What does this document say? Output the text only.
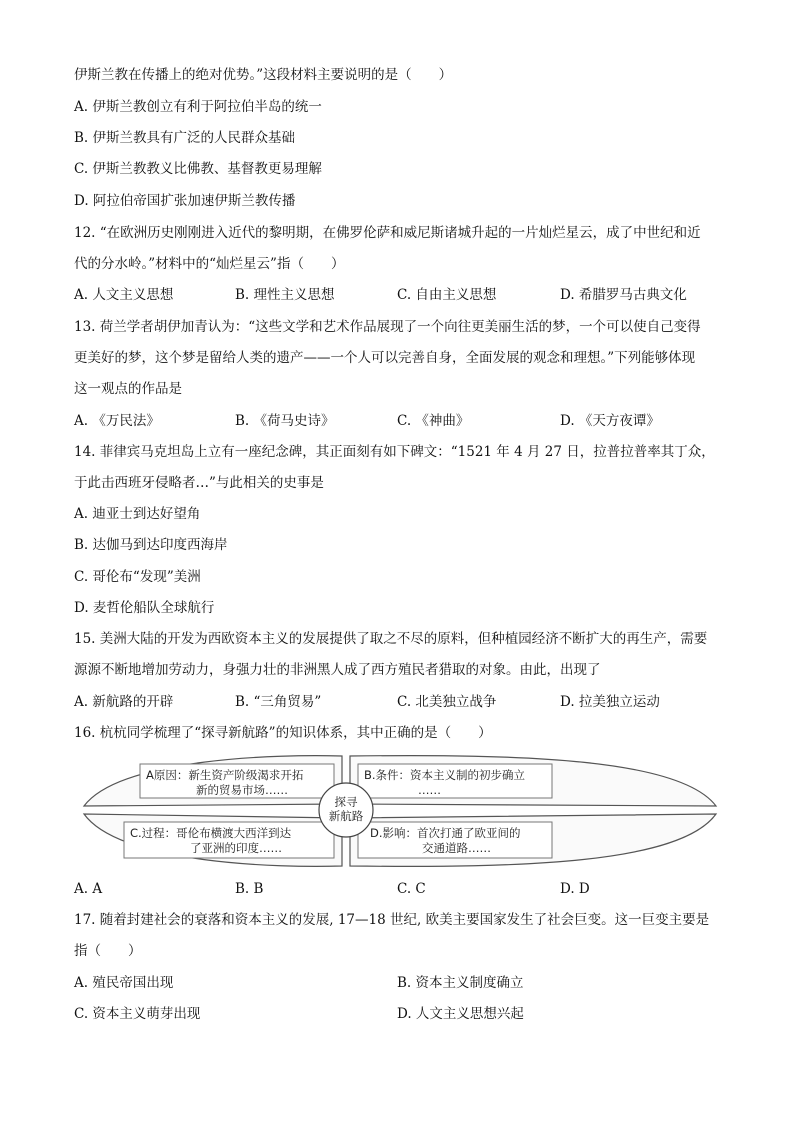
伊斯兰教在传播上的绝对优势。”这段材料主要说明的是（　　）
A. 伊斯兰教创立有利于阿拉伯半岛的统一
B. 伊斯兰教具有广泛的人民群众基础
C. 伊斯兰教教义比佛教、基督教更易理解
D. 阿拉伯帝国扩张加速伊斯兰教传播
12. “在欧洲历史刚刚进入近代的黎明期，在佛罗伦萨和威尼斯诸城升起的一片灿烂星云，成了中世纪和近
代的分水岭。”材料中的“灿烂星云”指（　　）
A. 人文主义思想	B. 理性主义思想	C. 自由主义思想	D. 希腊罗马古典文化
13. 荷兰学者胡伊加青认为：“这些文学和艺术作品展现了一个向往更美丽生活的梦，一个可以使自己变得
更美好的梦，这个梦是留给人类的遗产——一个人可以完善自身，全面发展的观念和理想。”下列能够体现
这一观点的作品是
A. 《万民法》	B. 《荷马史诗》	C. 《神曲》	D. 《天方夜谭》
14. 菲律宾马克坦岛上立有一座纪念碑，其正面刻有如下碑文：“1521 年 4 月 27 日，拉普拉普率其丁众，
于此击西班牙侵略者…”与此相关的史事是
A. 迪亚士到达好望角
B. 达伽马到达印度西海岸
C. 哥伦布“发现”美洲
D. 麦哲伦船队全球航行
15. 美洲大陆的开发为西欧资本主义的发展提供了取之不尽的原料，但种植园经济不断扩大的再生产，需要
源源不断地增加劳动力，身强力壮的非洲黑人成了西方殖民者猎取的对象。由此，出现了
A. 新航路的开辟	B. “三角贸易”	C. 北美独立战争	D. 拉美独立运动
16. 杭杭同学梳理了“探寻新航路”的知识体系，其中正确的是（　　）
A原因：新生资产阶级渴求开拓
新的贸易市场……
B.条件：资本主义制的初步确立
……
C.过程：哥伦布横渡大西洋到达
了亚洲的印度……
D.影响：首次打通了欧亚间的
交通道路……
探寻
新航路
A. A	B. B	C. C	D. D
17. 随着封建社会的衰落和资本主义的发展, 17—18 世纪, 欧美主要国家发生了社会巨变。这一巨变主要是
指（　　）
A. 殖民帝国出现	B. 资本主义制度确立
C. 资本主义萌芽出现	D. 人文主义思想兴起
